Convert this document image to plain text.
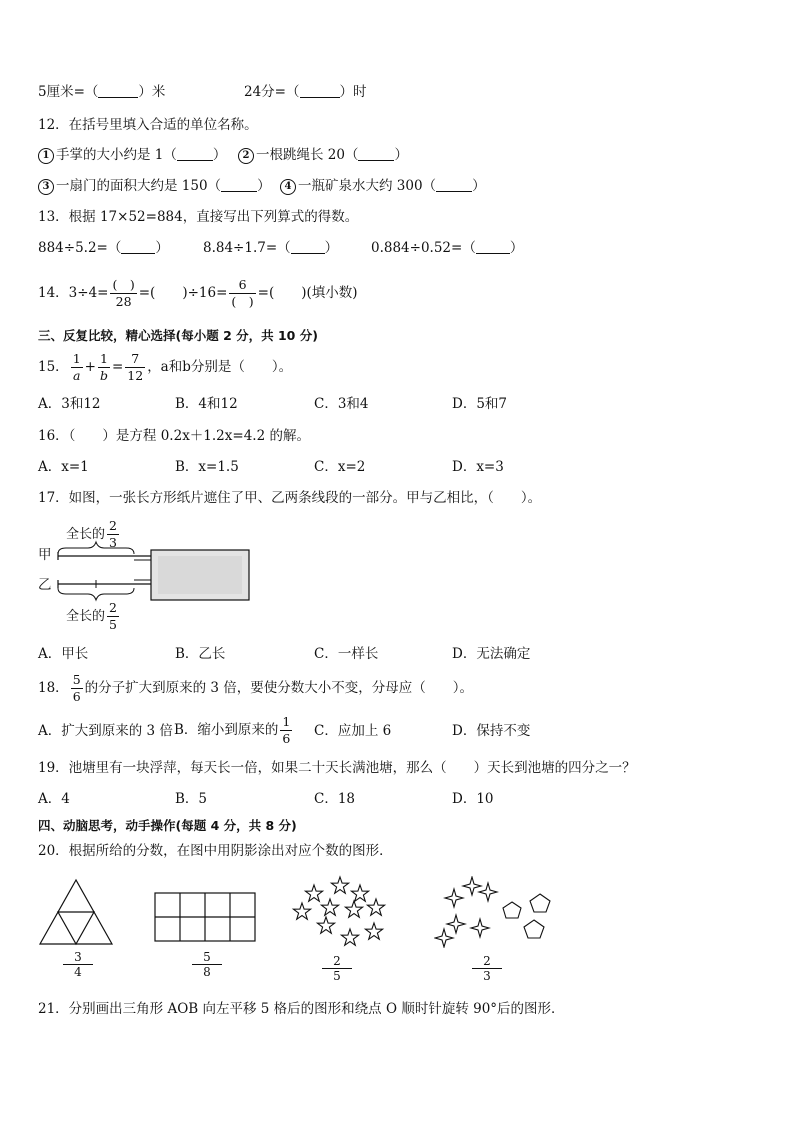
5厘米=（	）米	24分=（	）时
12．在括号里填入合适的单位名称。
1 手掌的大小约是 1（	）	2 一根跳绳长 20（	）
3 一扇门的面积大约是 150（	）	4 一瓶矿泉水大约 300（	）
13．根据 17×52=884，直接写出下列算式的得数。
884÷5.2=（	）	8.84÷1.7=（	） 0.884÷0.52=（	）
14．$3\div 4= \frac{( )}{28}$ =(　　)$\div 16= \frac{6}{( )}$ =(　　)(填小数)
三、反复比较，精心选择(每小题 2 分，共 10 分)
15． $\frac{1}{a} + \frac{1}{b} = \frac{7}{12}$ ，a和b分别是（　　）。
A．3和12	B．4和12	C．3和4	D．5和7
16．（　　）是方程 0.2x＋1.2x=4.2 的解。
A．x=1	B．x=1.5	C．x=2	D．x=3
17．如图，一张长方形纸片遮住了甲、乙两条线段的一部分。甲与乙相比，（　　）。
甲
乙
全长的 $\frac{2}{3}$
全长的 $\frac{2}{5}$
A．甲长	B．乙长	C．一样长	D．无法确定
18． $\frac{5}{6}$ 的分子扩大到原来的 3 倍，要使分数大小不变，分母应（　　）。
A．扩大到原来的 3 倍 B．缩小到原来的 $\frac{1}{6}$ C．应加上 6	D．保持不变
19．池塘里有一块浮萍，每天长一倍，如果二十天长满池塘，那么（　　）天长到池塘的四分之一？
A．4	B．5	C．18	D．10
四、动脑思考，动手操作(每题 4 分，共 8 分)
20．根据所给的分数，在图中用阴影涂出对应个数的图形．
$\frac{3}{4}$	$\frac{5}{8}$	$\frac{2}{5}$	$\frac{2}{3}$
21．分别画出三角形 AOB 向左平移 5 格后的图形和绕点 O 顺时针旋转 90°后的图形．
